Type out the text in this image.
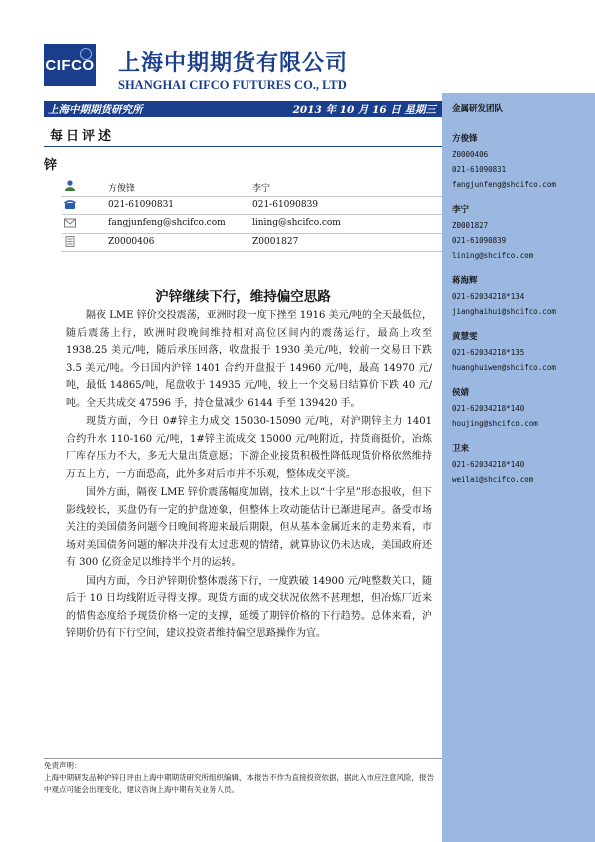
CIFCO 上海中期期货有限公司
SHANGHAI CIFCO FUTURES CO., LTD
上海中期期货研究所	2013 年 10 月 16 日 星期三
每日评述
锌
方俊锋	李宁
021-61090831	021-61090839
fangjunfeng@shcifco.com	lining@shcifco.com
Z0000406	Z0001827
沪锌继续下行，维持偏空思路

隔夜 LME 锌价交投震荡，亚洲时段一度下挫至 1916 美元/吨的全天最低位，随后震荡上行，欧洲时段晚间维持相对高位区间内的震荡运行，最高上攻至 1938.25 美元/吨，随后承压回落，收盘报于 1930 美元/吨，较前一交易日下跌 3.5 美元/吨。今日国内沪锌 1401 合约开盘报于 14960 元/吨，最高 14970 元/吨，最低 14865/吨，尾盘收于 14935 元/吨，较上一个交易日结算价下跌 40 元/吨。全天共成交 47596 手，持仓量减少 6144 手至 139420 手。

现货方面，今日 0#锌主力成交 15030-15090 元/吨，对沪期锌主力 1401 合约升水 110-160 元/吨，1#锌主流成交 15000 元/吨附近，持货商挺价，冶炼厂库存压力不大，多无大量出货意愿；下游企业接货积极性降低现货价格依然维持万五上方，一方面恐高，此外多对后市并不乐观，整体成交平淡。

国外方面，隔夜 LME 锌价震荡幅度加剧，技术上以“十字星”形态报收，但下影线较长，买盘仍有一定的护盘迹象，但整体上攻动能估计已渐进尾声。备受市场关注的美国债务问题今日晚间将迎来最后期限，但从基本金属近来的走势来看，市场对美国债务问题的解决并没有太过悲观的情绪，就算协议仍未达成，美国政府还有 300 亿资金足以维持半个月的运转。

国内方面，今日沪锌期价整体震荡下行，一度跌破 14900 元/吨整数关口，随后于 10 日均线附近寻得支撑。现货方面的成交状况依然不甚理想，但冶炼厂近来的惜售态度给予现货价格一定的支撑，延缓了期锌价格的下行趋势。总体来看，沪锌期价仍有下行空间，建议投资者维持偏空思路操作为宜。

金属研发团队
方俊锋
Z0000406
021-61090831
fangjunfeng@shcifco.com
李宁
Z0001827
021-61090839
lining@shcifco.com
蒋海辉
021-62034218*134
jianghaihui@shcifco.com
黄慧雯
021-62034218*135
huanghuiwen@shcifco.com
侯婧
021-62034218*140
houjing@shcifco.com
卫来
021-62034218*140
weilai@shcifco.com
免责声明：
上海中期研发品种沪锌日评由上海中期期货研究所组织编辑，本报告不作为直接投资依据，据此入市应注意风险，报告中观点可能会出现变化，建议咨询上海中期有关业务人员。
